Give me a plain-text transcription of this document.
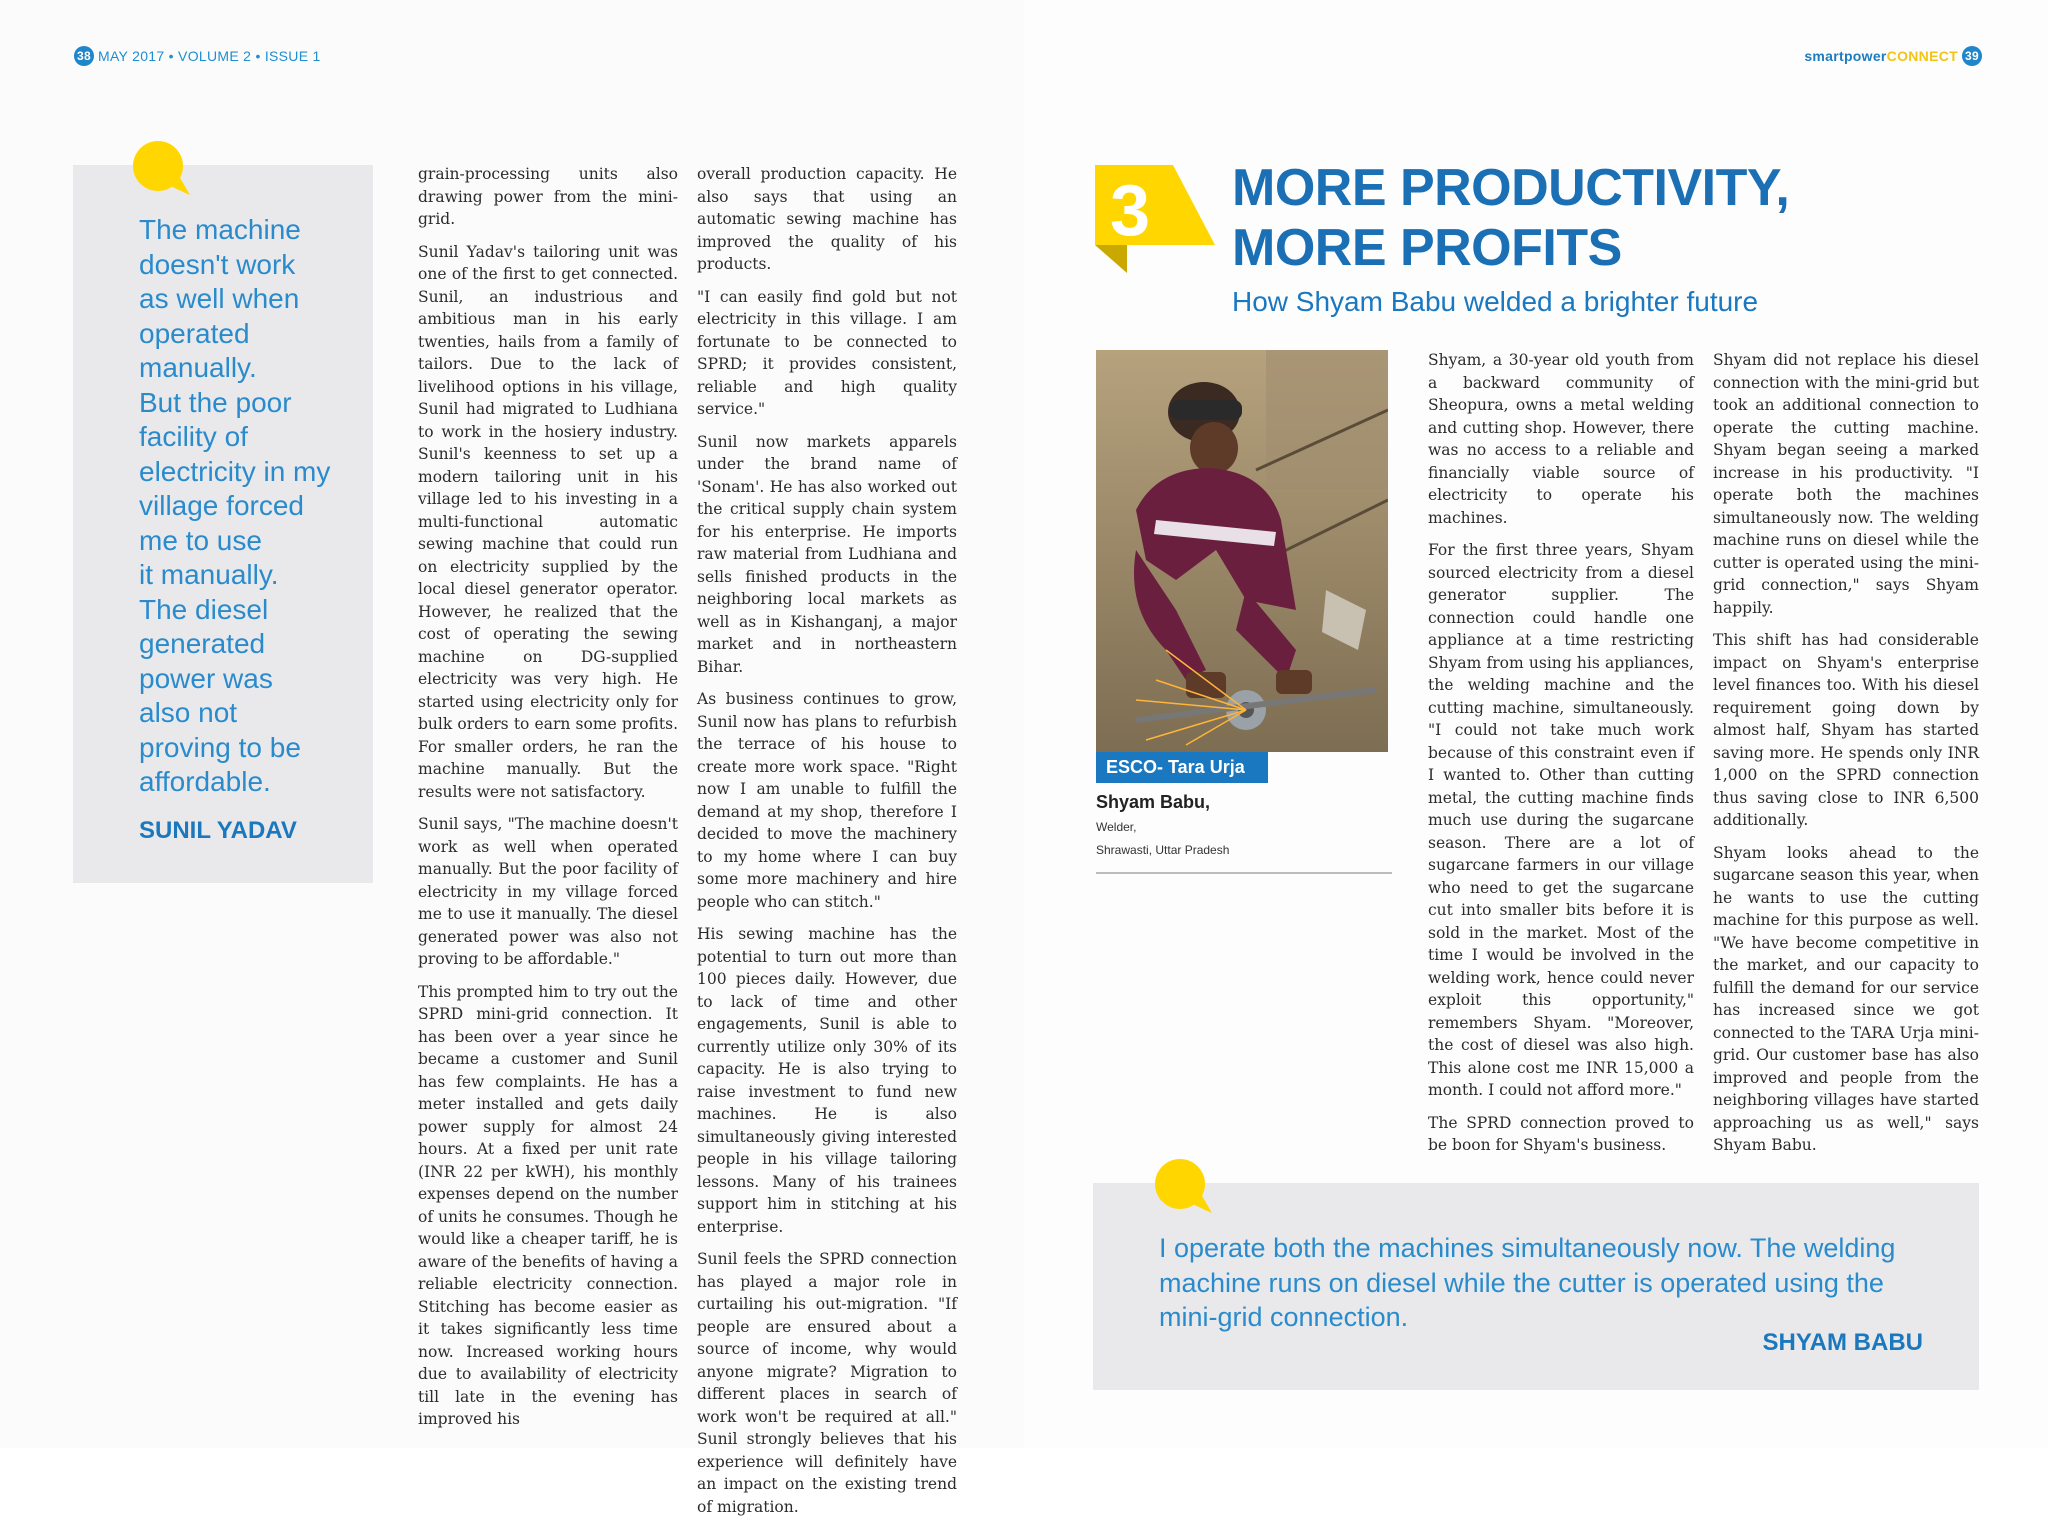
38 MAY 2017 • VOLUME 2 • ISSUE 1	smartpowerCONNECT 39
The machine
doesn't work
as well when
operated
manually.
But the poor
facility of
electricity in my
village forced
me to use
it manually.
The diesel
generated
power was
also not
proving to be
affordable.
SUNIL YADAV

grain-processing units also drawing power from the mini-grid.

Sunil Yadav's tailoring unit was one of the first to get connected. Sunil, an industrious and ambitious man in his early twenties, hails from a family of tailors. Due to the lack of livelihood options in his village, Sunil had migrated to Ludhiana to work in the hosiery industry. Sunil's keenness to set up a modern tailoring unit in his village led to his investing in a multi-functional automatic sewing machine that could run on electricity supplied by the local diesel generator operator. However, he realized that the cost of operating the sewing machine on DG-supplied electricity was very high. He started using electricity only for bulk orders to earn some profits. For smaller orders, he ran the machine manually. But the results were not satisfactory.

Sunil says, "The machine doesn't work as well when operated manually. But the poor facility of electricity in my village forced me to use it manually. The diesel generated power was also not proving to be affordable."

This prompted him to try out the SPRD mini-grid connection. It has been over a year since he became a customer and Sunil has few complaints. He has a meter installed and gets daily power supply for almost 24 hours. At a fixed per unit rate (INR 22 per kWH), his monthly expenses depend on the number of units he consumes. Though he would like a cheaper tariff, he is aware of the benefits of having a reliable electricity connection. Stitching has become easier as it takes significantly less time now. Increased working hours due to availability of electricity till late in the evening has improved his

overall production capacity. He also says that using an automatic sewing machine has improved the quality of his products.

"I can easily find gold but not electricity in this village. I am fortunate to be connected to SPRD; it provides consistent, reliable and high quality service."

Sunil now markets apparels under the brand name of 'Sonam'. He has also worked out the critical supply chain system for his enterprise. He imports raw material from Ludhiana and sells finished products in the neighboring local markets as well as in Kishanganj, a major market and in northeastern Bihar.

As business continues to grow, Sunil now has plans to refurbish the terrace of his house to create more work space. "Right now I am unable to fulfill the demand at my shop, therefore I decided to move the machinery to my home where I can buy some more machinery and hire people who can stitch."

His sewing machine has the potential to turn out more than 100 pieces daily. However, due to lack of time and other engagements, Sunil is able to currently utilize only 30% of its capacity. He is also trying to raise investment to fund new machines. He is also simultaneously giving interested people in his village tailoring lessons. Many of his trainees support him in stitching at his enterprise.

Sunil feels the SPRD connection has played a major role in curtailing his out-migration. "If people are ensured about a source of income, why would anyone migrate? Migration to different places in search of work won't be required at all." Sunil strongly believes that his experience will definitely have an impact on the existing trend of migration.

3 MORE PRODUCTIVITY,
MORE PROFITS
How Shyam Babu welded a brighter future
ESCO- Tara Urja
Shyam Babu,
Welder,
Shrawasti, Uttar Pradesh

Shyam, a 30-year old youth from a backward community of Sheopura, owns a metal welding and cutting shop. However, there was no access to a reliable and financially viable source of electricity to operate his machines.

For the first three years, Shyam sourced electricity from a diesel generator supplier. The connection could handle one appliance at a time restricting Shyam from using his appliances, the welding machine and the cutting machine, simultaneously. "I could not take much work because of this constraint even if I wanted to. Other than cutting metal, the cutting machine finds much use during the sugarcane season. There are a lot of sugarcane farmers in our village who need to get the sugarcane cut into smaller bits before it is sold in the market. Most of the time I would be involved in the welding work, hence could never exploit this opportunity," remembers Shyam. "Moreover, the cost of diesel was also high. This alone cost me INR 15,000 a month. I could not afford more."

The SPRD connection proved to be boon for Shyam's business.

Shyam did not replace his diesel connection with the mini-grid but took an additional connection to operate the cutting machine. Shyam began seeing a marked increase in his productivity. "I operate both the machines simultaneously now. The welding machine runs on diesel while the cutter is operated using the mini-grid connection," says Shyam happily.

This shift has had considerable impact on Shyam's enterprise level finances too. With his diesel requirement going down by almost half, Shyam has started saving more. He spends only INR 1,000 on the SPRD connection thus saving close to INR 6,500 additionally.

Shyam looks ahead to the sugarcane season this year, when he wants to use the cutting machine for this purpose as well. "We have become competitive in the market, and our capacity to fulfill the demand for our service has increased since we got connected to the TARA Urja mini-grid. Our customer base has also improved and people from the neighboring villages have started approaching us as well," says Shyam Babu.

I operate both the machines simultaneously now. The welding machine runs on diesel while the cutter is operated using the mini-grid connection.
SHYAM BABU
